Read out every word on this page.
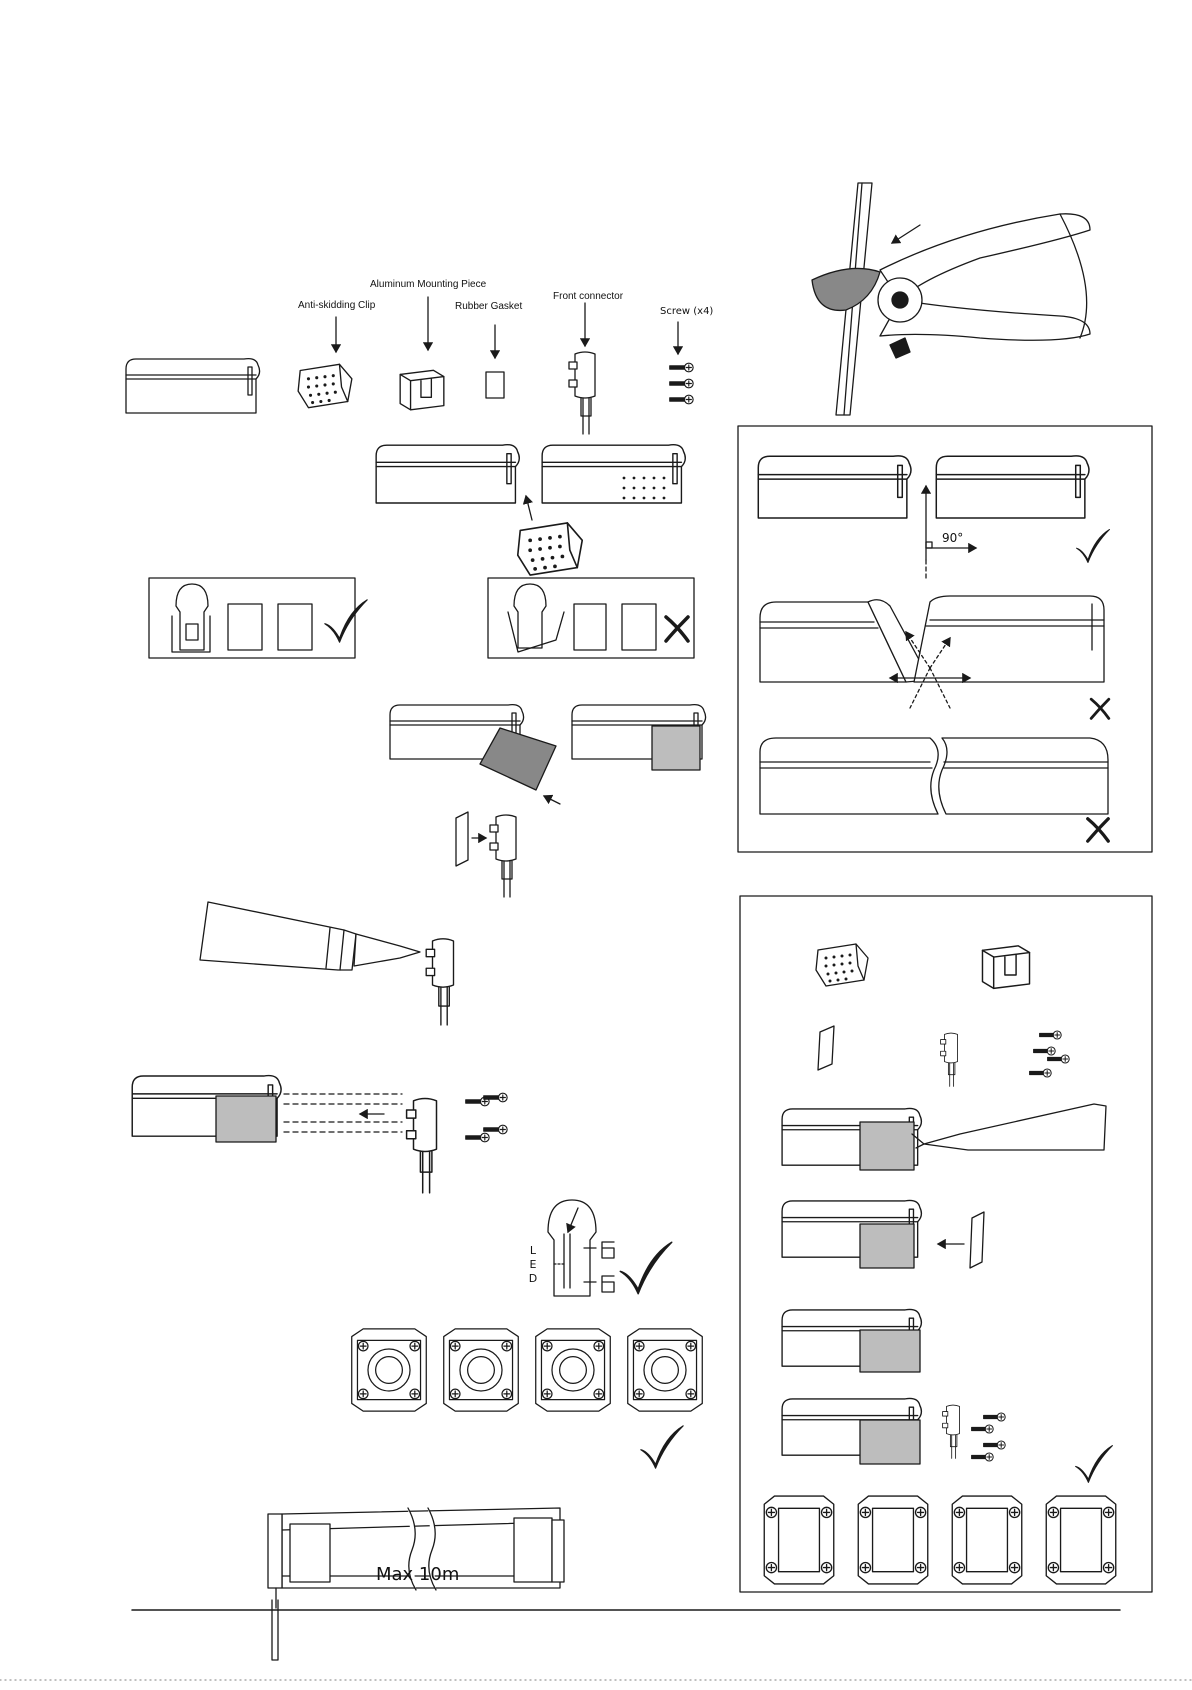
Anti-skidding Clip
Aluminum Mounting Piece
Rubber Gasket
Front connector
Screw (x4)
90°
L
E
D
Max 10m
